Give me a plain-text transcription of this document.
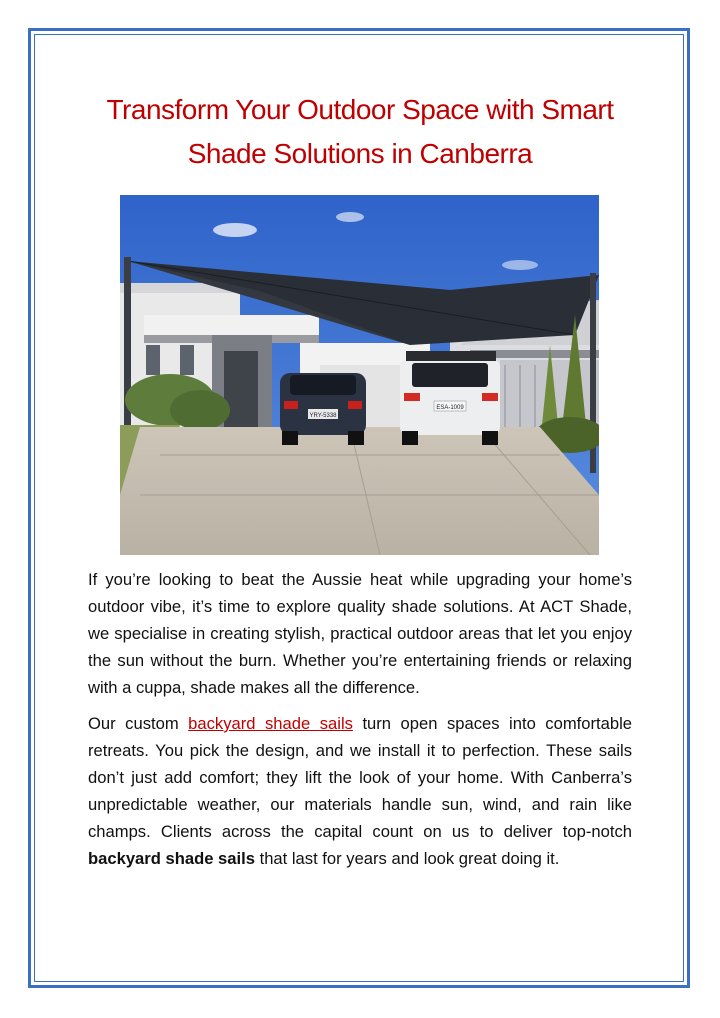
Transform Your Outdoor Space with Smart
Shade Solutions in Canberra
YRY-5338
ESA-1009

If you’re looking to beat the Aussie heat while upgrading your home’s outdoor vibe, it’s time to explore quality shade solutions. At ACT Shade, we specialise in creating stylish, practical outdoor areas that let you enjoy the sun without the burn. Whether you’re entertaining friends or relaxing with a cuppa, shade makes all the difference.

Our custom backyard shade sails turn open spaces into comfortable retreats. You pick the design, and we install it to perfection. These sails don’t just add comfort; they lift the look of your home. With Canberra’s unpredictable weather, our materials handle sun, wind, and rain like champs. Clients across the capital count on us to deliver top-notch backyard shade sails that last for years and look great doing it.
